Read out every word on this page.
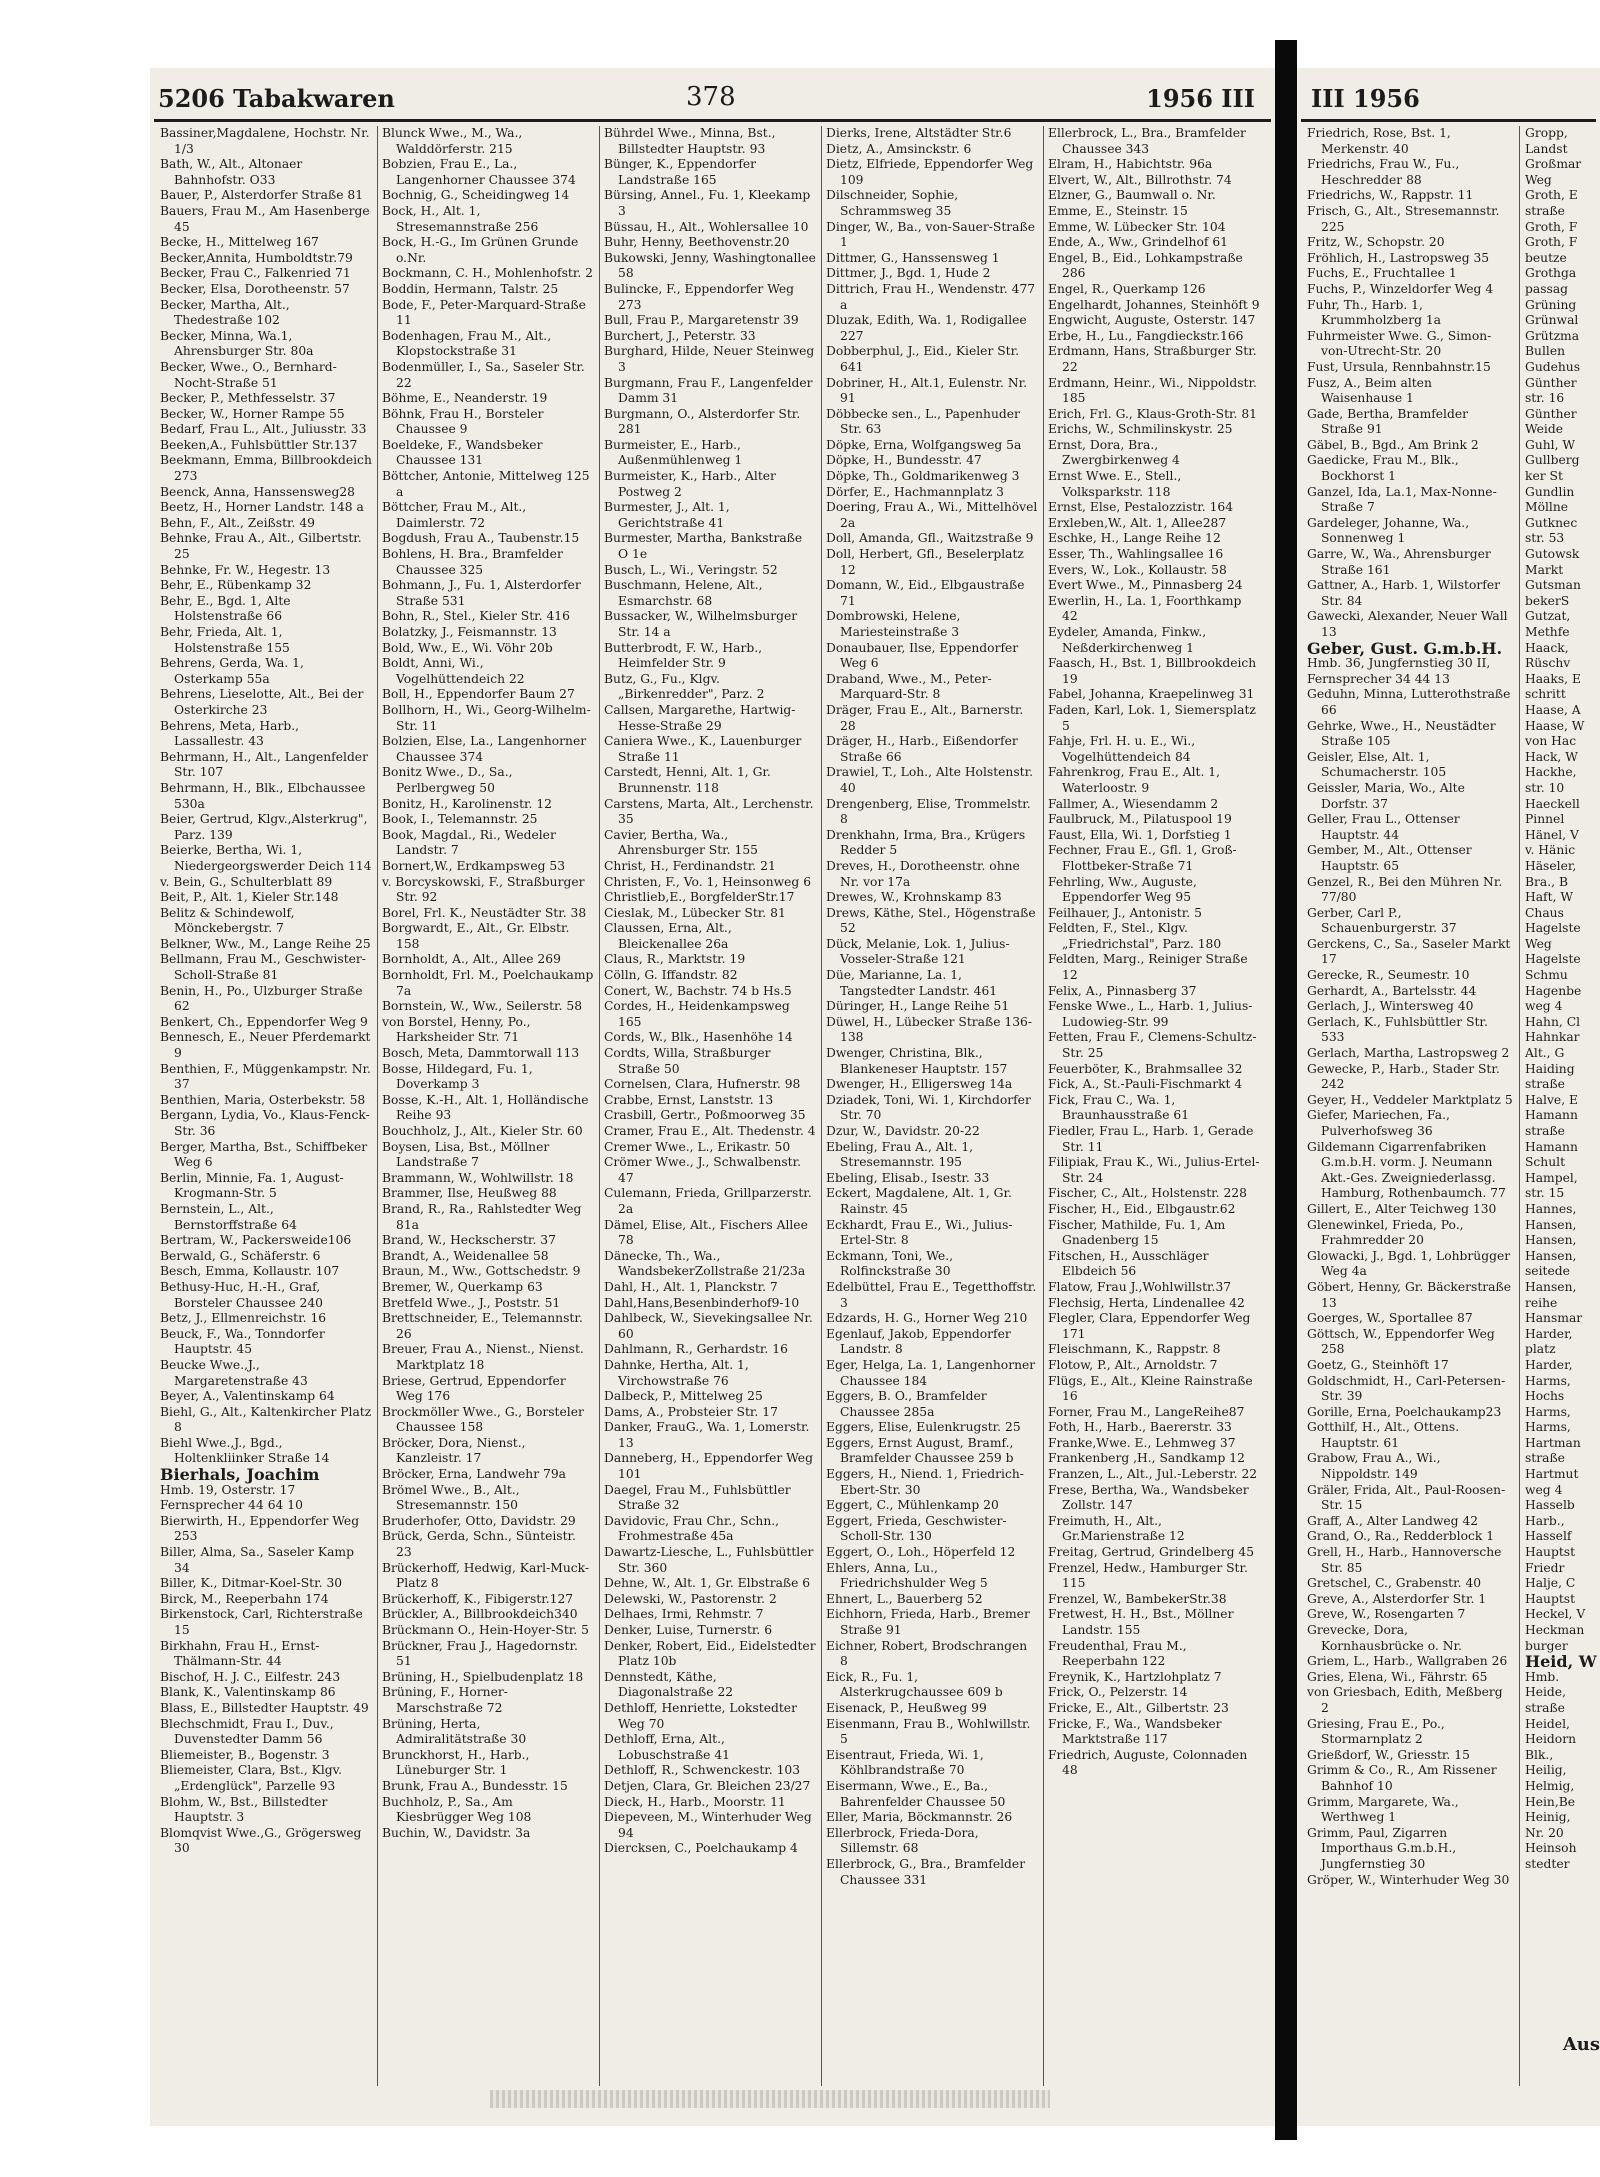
5206 Tabakwaren	378	1956 III

Bassiner,Magdalene, Hochstr. Nr. 1/3

Bath, W., Alt., Altonaer Bahnhofstr. O33

Bauer, P., Alsterdorfer Straße 81

Bauers, Frau M., Am Hasenberge 45

Becke, H., Mittelweg 167

Becker,Annita, Humboldtstr.79

Becker, Frau C., Falkenried 71

Becker, Elsa, Dorotheenstr. 57

Becker, Martha, Alt., Thedestraße 102

Becker, Minna, Wa.1, Ahrensburger Str. 80a

Becker, Wwe., O., Bernhard-Nocht-Straße 51

Becker, P., Methfesselstr. 37

Becker, W., Horner Rampe 55

Bedarf, Frau L., Alt., Juliusstr. 33

Beeken,A., Fuhlsbüttler Str.137

Beekmann, Emma, Billbrookdeich 273

Beenck, Anna, Hanssensweg28

Beetz, H., Horner Landstr. 148 a

Behn, F., Alt., Zeißstr. 49

Behnke, Frau A., Alt., Gilbertstr. 25

Behnke, Fr. W., Hegestr. 13

Behr, E., Rübenkamp 32

Behr, E., Bgd. 1, Alte Holstenstraße 66

Behr, Frieda, Alt. 1, Holstenstraße 155

Behrens, Gerda, Wa. 1, Osterkamp 55a

Behrens, Lieselotte, Alt., Bei der Osterkirche 23

Behrens, Meta, Harb., Lassallestr. 43

Behrmann, H., Alt., Langenfelder Str. 107

Behrmann, H., Blk., Elbchaussee 530a

Beier, Gertrud, Klgv.,Alsterkrug", Parz. 139

Beierke, Bertha, Wi. 1, Niedergeorgswerder Deich 114

v. Bein, G., Schulterblatt 89

Beit, P., Alt. 1, Kieler Str.148

Belitz & Schindewolf, Mönckebergstr. 7

Belkner, Ww., M., Lange Reihe 25

Bellmann, Frau M., Geschwister-Scholl-Straße 81

Benin, H., Po., Ulzburger Straße 62

Benkert, Ch., Eppendorfer Weg 9

Bennesch, E., Neuer Pferdemarkt 9

Benthien, F., Müggenkampstr. Nr. 37

Benthien, Maria, Osterbekstr. 58

Bergann, Lydia, Vo., Klaus-Fenck-Str. 36

Berger, Martha, Bst., Schiffbeker Weg 6

Berlin, Minnie, Fa. 1, August-Krogmann-Str. 5

Bernstein, L., Alt., Bernstorffstraße 64

Bertram, W., Packersweide106

Berwald, G., Schäferstr. 6

Besch, Emma, Kollaustr. 107

Bethusy-Huc, H.-H., Graf, Borsteler Chaussee 240

Betz, J., Ellmenreichstr. 16

Beuck, F., Wa., Tonndorfer Hauptstr. 45

Beucke Wwe.,J., Margaretenstraße 43

Beyer, A., Valentinskamp 64

Biehl, G., Alt., Kaltenkircher Platz 8

Biehl Wwe.,J., Bgd., Holtenkliinker Straße 14

Bierhals, Joachim

Hmb. 19, Osterstr. 17

Fernsprecher 44 64 10

Bierwirth, H., Eppendorfer Weg 253

Biller, Alma, Sa., Saseler Kamp 34

Biller, K., Ditmar-Koel-Str. 30

Birck, M., Reeperbahn 174

Birkenstock, Carl, Richterstraße 15

Birkhahn, Frau H., Ernst-Thälmann-Str. 44

Bischof, H. J. C., Eilfestr. 243

Blank, K., Valentinskamp 86

Blass, E., Billstedter Hauptstr. 49

Blechschmidt, Frau I., Duv., Duvenstedter Damm 56

Bliemeister, B., Bogenstr. 3

Bliemeister, Clara, Bst., Klgv. „Erdenglück", Parzelle 93

Blohm, W., Bst., Billstedter Hauptstr. 3

Blomqvist Wwe.,G., Grögersweg 30

Blunck Wwe., M., Wa., Walddörferstr. 215

Bobzien, Frau E., La., Langenhorner Chaussee 374

Bochnig, G., Scheidingweg 14

Bock, H., Alt. 1, Stresemannstraße 256

Bock, H.-G., Im Grünen Grunde o.Nr.

Bockmann, C. H., Mohlenhofstr. 2

Boddin, Hermann, Talstr. 25

Bode, F., Peter-Marquard-Straße 11

Bodenhagen, Frau M., Alt., Klopstockstraße 31

Bodenmüller, I., Sa., Saseler Str. 22

Böhme, E., Neanderstr. 19

Böhnk, Frau H., Borsteler Chaussee 9

Boeldeke, F., Wandsbeker Chaussee 131

Böttcher, Antonie, Mittelweg 125 a

Böttcher, Frau M., Alt., Daimlerstr. 72

Bogdush, Frau A., Taubenstr.15

Bohlens, H. Bra., Bramfelder Chaussee 325

Bohmann, J., Fu. 1, Alsterdorfer Straße 531

Bohn, R., Stel., Kieler Str. 416

Bolatzky, J., Feismannstr. 13

Bold, Ww., E., Wi. Vöhr 20b

Boldt, Anni, Wi., Vogelhüttendeich 22

Boll, H., Eppendorfer Baum 27

Bollhorn, H., Wi., Georg-Wilhelm-Str. 11

Bolzien, Else, La., Langenhorner Chaussee 374

Bonitz Wwe., D., Sa., Perlbergweg 50

Bonitz, H., Karolinenstr. 12

Book, I., Telemannstr. 25

Book, Magdal., Ri., Wedeler Landstr. 7

Bornert,W., Erdkampsweg 53

v. Borcyskowski, F., Straßburger Str. 92

Borel, Frl. K., Neustädter Str. 38

Borgwardt, E., Alt., Gr. Elbstr. 158

Bornholdt, A., Alt., Allee 269

Bornholdt, Frl. M., Poelchaukamp 7a

Bornstein, W., Ww., Seilerstr. 58

von Borstel, Henny, Po., Harksheider Str. 71

Bosch, Meta, Dammtorwall 113

Bosse, Hildegard, Fu. 1, Doverkamp 3

Bosse, K.-H., Alt. 1, Holländische Reihe 93

Bouchholz, J., Alt., Kieler Str. 60

Boysen, Lisa, Bst., Möllner Landstraße 7

Brammann, W., Wohlwillstr. 18

Brammer, Ilse, Heußweg 88

Brand, R., Ra., Rahlstedter Weg 81a

Brand, W., Heckscherstr. 37

Brandt, A., Weidenallee 58

Braun, M., Ww., Gottschedstr. 9

Bremer, W., Querkamp 63

Bretfeld Wwe., J., Poststr. 51

Brettschneider, E., Telemannstr. 26

Breuer, Frau A., Nienst., Nienst. Marktplatz 18

Briese, Gertrud, Eppendorfer Weg 176

Brockmöller Wwe., G., Borsteler Chaussee 158

Bröcker, Dora, Nienst., Kanzleistr. 17

Bröcker, Erna, Landwehr 79a

Brömel Wwe., B., Alt., Stresemannstr. 150

Bruderhofer, Otto, Davidstr. 29

Brück, Gerda, Schn., Sünteistr. 23

Brückerhoff, Hedwig, Karl-Muck-Platz 8

Brückerhoff, K., Fibigerstr.127

Brückler, A., Billbrookdeich340

Brückmann O., Hein-Hoyer-Str. 5

Brückner, Frau J., Hagedornstr. 51

Brüning, H., Spielbudenplatz 18

Brüning, F., Horner-Marschstraße 72

Brüning, Herta, Admiralitätstraße 30

Brunckhorst, H., Harb., Lüneburger Str. 1

Brunk, Frau A., Bundesstr. 15

Buchholz, P., Sa., Am Kiesbrügger Weg 108

Buchin, W., Davidstr. 3a

Bührdel Wwe., Minna, Bst., Billstedter Hauptstr. 93

Bünger, K., Eppendorfer Landstraße 165

Bürsing, Annel., Fu. 1, Kleekamp 3

Büssau, H., Alt., Wohlersallee 10

Buhr, Henny, Beethovenstr.20

Bukowski, Jenny, Washingtonallee 58

Bulincke, F., Eppendorfer Weg 273

Bull, Frau P., Margaretenstr 39

Burchert, J., Peterstr. 33

Burghard, Hilde, Neuer Steinweg 3

Burgmann, Frau F., Langenfelder Damm 31

Burgmann, O., Alsterdorfer Str. 281

Burmeister, E., Harb., Außenmühlenweg 1

Burmeister, K., Harb., Alter Postweg 2

Burmester, J., Alt. 1, Gerichtstraße 41

Burmester, Martha, Bankstraße O 1e

Busch, L., Wi., Veringstr. 52

Buschmann, Helene, Alt., Esmarchstr. 68

Bussacker, W., Wilhelmsburger Str. 14 a

Butterbrodt, F. W., Harb., Heimfelder Str. 9

Butz, G., Fu., Klgv. „Birkenredder", Parz. 2

Callsen, Margarethe, Hartwig-Hesse-Straße 29

Caniera Wwe., K., Lauenburger Straße 11

Carstedt, Henni, Alt. 1, Gr. Brunnenstr. 118

Carstens, Marta, Alt., Lerchenstr. 35

Cavier, Bertha, Wa., Ahrensburger Str. 155

Christ, H., Ferdinandstr. 21

Christen, F., Vo. 1, Heinsonweg 6

Christlieb,E., BorgfelderStr.17

Cieslak, M., Lübecker Str. 81

Claussen, Erna, Alt., Bleickenallee 26a

Claus, R., Marktstr. 19

Cölln, G. Iffandstr. 82

Conert, W., Bachstr. 74 b Hs.5

Cordes, H., Heidenkampsweg 165

Cords, W., Blk., Hasenhöhe 14

Cordts, Willa, Straßburger Straße 50

Cornelsen, Clara, Hufnerstr. 98

Crabbe, Ernst, Lanststr. 13

Crasbill, Gertr., Poßmoorweg 35

Cramer, Frau E., Alt. Thedenstr. 4

Cremer Wwe., L., Erikastr. 50

Crömer Wwe., J., Schwalbenstr. 47

Culemann, Frieda, Grillparzerstr. 2a

Dämel, Elise, Alt., Fischers Allee 78

Dänecke, Th., Wa., WandsbekerZollstraße 21/23a

Dahl, H., Alt. 1, Planckstr. 7

Dahl,Hans,Besenbinderhof9-10

Dahlbeck, W., Sievekingsallee Nr. 60

Dahlmann, R., Gerhardstr. 16

Dahnke, Hertha, Alt. 1, Virchowstraße 76

Dalbeck, P., Mittelweg 25

Dams, A., Probsteier Str. 17

Danker, FrauG., Wa. 1, Lomerstr. 13

Danneberg, H., Eppendorfer Weg 101

Daegel, Frau M., Fuhlsbüttler Straße 32

Davidovic, Frau Chr., Schn., Frohmestraße 45a

Dawartz-Liesche, L., Fuhlsbüttler Str. 360

Dehne, W., Alt. 1, Gr. Elbstraße 6

Delewski, W., Pastorenstr. 2

Delhaes, Irmi, Rehmstr. 7

Denker, Luise, Turnerstr. 6

Denker, Robert, Eid., Eidelstedter Platz 10b

Dennstedt, Käthe, Diagonalstraße 22

Dethloff, Henriette, Lokstedter Weg 70

Dethloff, Erna, Alt., Lobuschstraße 41

Dethloff, R., Schwenckestr. 103

Detjen, Clara, Gr. Bleichen 23/27

Dieck, H., Harb., Moorstr. 11

Diepeveen, M., Winterhuder Weg 94

Diercksen, C., Poelchaukamp 4

Dierks, Irene, Altstädter Str.6

Dietz, A., Amsinckstr. 6

Dietz, Elfriede, Eppendorfer Weg 109

Dilschneider, Sophie, Schrammsweg 35

Dinger, W., Ba., von-Sauer-Straße 1

Dittmer, G., Hanssensweg 1

Dittmer, J., Bgd. 1, Hude 2

Dittrich, Frau H., Wendenstr. 477 a

Dluzak, Edith, Wa. 1, Rodigallee 227

Dobberphul, J., Eid., Kieler Str. 641

Dobriner, H., Alt.1, Eulenstr. Nr. 91

Döbbecke sen., L., Papenhuder Str. 63

Döpke, Erna, Wolfgangsweg 5a

Döpke, H., Bundesstr. 47

Döpke, Th., Goldmarikenweg 3

Dörfer, E., Hachmannplatz 3

Doering, Frau A., Wi., Mittelhövel 2a

Doll, Amanda, Gfl., Waitzstraße 9

Doll, Herbert, Gfl., Beselerplatz 12

Domann, W., Eid., Elbgaustraße 71

Dombrowski, Helene, Mariesteinstraße 3

Donaubauer, Ilse, Eppendorfer Weg 6

Draband, Wwe., M., Peter-Marquard-Str. 8

Dräger, Frau E., Alt., Barnerstr. 28

Dräger, H., Harb., Eißendorfer Straße 66

Drawiel, T., Loh., Alte Holstenstr. 40

Drengenberg, Elise, Trommelstr. 8

Drenkhahn, Irma, Bra., Krügers Redder 5

Dreves, H., Dorotheenstr. ohne Nr. vor 17a

Drewes, W., Krohnskamp 83

Drews, Käthe, Stel., Högenstraße 52

Dück, Melanie, Lok. 1, Julius-Vosseler-Straße 121

Düe, Marianne, La. 1, Tangstedter Landstr. 461

Düringer, H., Lange Reihe 51

Düwel, H., Lübecker Straße 136-138

Dwenger, Christina, Blk., Blankeneser Hauptstr. 157

Dwenger, H., Elligersweg 14a

Dziadek, Toni, Wi. 1, Kirchdorfer Str. 70

Dzur, W., Davidstr. 20-22

Ebeling, Frau A., Alt. 1, Stresemannstr. 195

Ebeling, Elisab., Isestr. 33

Eckert, Magdalene, Alt. 1, Gr. Rainstr. 45

Eckhardt, Frau E., Wi., Julius-Ertel-Str. 8

Eckmann, Toni, We., Rolfinckstraße 30

Edelbüttel, Frau E., Tegetthoffstr. 3

Edzards, H. G., Horner Weg 210

Egenlauf, Jakob, Eppendorfer Landstr. 8

Eger, Helga, La. 1, Langenhorner Chaussee 184

Eggers, B. O., Bramfelder Chaussee 285a

Eggers, Elise, Eulenkrugstr. 25

Eggers, Ernst August, Bramf., Bramfelder Chaussee 259 b

Eggers, H., Niend. 1, Friedrich-Ebert-Str. 30

Eggert, C., Mühlenkamp 20

Eggert, Frieda, Geschwister-Scholl-Str. 130

Eggert, O., Loh., Höperfeld 12

Ehlers, Anna, Lu., Friedrichshulder Weg 5

Ehnert, L., Bauerberg 52

Eichhorn, Frieda, Harb., Bremer Straße 91

Eichner, Robert, Brodschrangen 8

Eick, R., Fu. 1, Alsterkrugchaussee 609 b

Eisenack, P., Heußweg 99

Eisenmann, Frau B., Wohlwillstr. 5

Eisentraut, Frieda, Wi. 1, Köhlbrandstraße 70

Eisermann, Wwe., E., Ba., Bahrenfelder Chaussee 50

Eller, Maria, Böckmannstr. 26

Ellerbrock, Frieda-Dora, Sillemstr. 68

Ellerbrock, G., Bra., Bramfelder Chaussee 331

Ellerbrock, L., Bra., Bramfelder Chaussee 343

Elram, H., Habichtstr. 96a

Elvert, W., Alt., Billrothstr. 74

Elzner, G., Baumwall o. Nr.

Emme, E., Steinstr. 15

Emme, W. Lübecker Str. 104

Ende, A., Ww., Grindelhof 61

Engel, B., Eid., Lohkampstraße 286

Engel, R., Querkamp 126

Engelhardt, Johannes, Steinhöft 9

Engwicht, Auguste, Osterstr. 147

Erbe, H., Lu., Fangdieckstr.166

Erdmann, Hans, Straßburger Str. 22

Erdmann, Heinr., Wi., Nippoldstr. 185

Erich, Frl. G., Klaus-Groth-Str. 81

Erichs, W., Schmilinskystr. 25

Ernst, Dora, Bra., Zwergbirkenweg 4

Ernst Wwe. E., Stell., Volksparkstr. 118

Ernst, Else, Pestalozzistr. 164

Erxleben,W., Alt. 1, Allee287

Eschke, H., Lange Reihe 12

Esser, Th., Wahlingsallee 16

Evers, W., Lok., Kollaustr. 58

Evert Wwe., M., Pinnasberg 24

Ewerlin, H., La. 1, Foorthkamp 42

Eydeler, Amanda, Finkw., Neßderkirchenweg 1

Faasch, H., Bst. 1, Billbrookdeich 19

Fabel, Johanna, Kraepelinweg 31

Faden, Karl, Lok. 1, Siemersplatz 5

Fahje, Frl. H. u. E., Wi., Vogelhüttendeich 84

Fahrenkrog, Frau E., Alt. 1, Waterloostr. 9

Fallmer, A., Wiesendamm 2

Faulbruck, M., Pilatuspool 19

Faust, Ella, Wi. 1, Dorfstieg 1

Fechner, Frau E., Gfl. 1, Groß-Flottbeker-Straße 71

Fehrling, Ww., Auguste, Eppendorfer Weg 95

Feilhauer, J., Antonistr. 5

Feldten, F., Stel., Klgv. „Friedrichstal", Parz. 180

Feldten, Marg., Reiniger Straße 12

Felix, A., Pinnasberg 37

Fenske Wwe., L., Harb. 1, Julius-Ludowieg-Str. 99

Fetten, Frau F., Clemens-Schultz-Str. 25

Feuerböter, K., Brahmsallee 32

Fick, A., St.-Pauli-Fischmarkt 4

Fick, Frau C., Wa. 1, Braunhausstraße 61

Fiedler, Frau L., Harb. 1, Gerade Str. 11

Filipiak, Frau K., Wi., Julius-Ertel-Str. 24

Fischer, C., Alt., Holstenstr. 228

Fischer, H., Eid., Elbgaustr.62

Fischer, Mathilde, Fu. 1, Am Gnadenberg 15

Fitschen, H., Ausschläger Elbdeich 56

Flatow, Frau J.,Wohlwillstr.37

Flechsig, Herta, Lindenallee 42

Flegler, Clara, Eppendorfer Weg 171

Fleischmann, K., Rappstr. 8

Flotow, P., Alt., Arnoldstr. 7

Flügs, E., Alt., Kleine Rainstraße 16

Forner, Frau M., LangeReihe87

Foth, H., Harb., Baererstr. 33

Franke,Wwe. E., Lehmweg 37

Frankenberg ,H., Sandkamp 12

Franzen, L., Alt., Jul.-Leberstr. 22

Frese, Bertha, Wa., Wandsbeker Zollstr. 147

Freimuth, H., Alt., Gr.Marienstraße 12

Freitag, Gertrud, Grindelberg 45

Frenzel, Hedw., Hamburger Str. 115

Frenzel, W., BambekerStr.38

Fretwest, H. H., Bst., Möllner Landstr. 155

Freudenthal, Frau M., Reeperbahn 122

Freynik, K., Hartzlohplatz 7

Frick, O., Pelzerstr. 14

Fricke, E., Alt., Gilbertstr. 23

Fricke, F., Wa., Wandsbeker Marktstraße 117

Friedrich, Auguste, Colonnaden 48

III 1956

Friedrich, Rose, Bst. 1, Merkenstr. 40

Friedrichs, Frau W., Fu., Heschredder 88

Friedrichs, W., Rappstr. 11

Frisch, G., Alt., Stresemannstr. 225

Fritz, W., Schopstr. 20

Fröhlich, H., Lastropsweg 35

Fuchs, E., Fruchtallee 1

Fuchs, P., Winzeldorfer Weg 4

Fuhr, Th., Harb. 1, Krummholzberg 1a

Fuhrmeister Wwe. G., Simon-von-Utrecht-Str. 20

Fust, Ursula, Rennbahnstr.15

Fusz, A., Beim alten Waisenhause 1

Gade, Bertha, Bramfelder Straße 91

Gäbel, B., Bgd., Am Brink 2

Gaedicke, Frau M., Blk., Bockhorst 1

Ganzel, Ida, La.1, Max-Nonne-Straße 7

Gardeleger, Johanne, Wa., Sonnenweg 1

Garre, W., Wa., Ahrensburger Straße 161

Gattner, A., Harb. 1, Wilstorfer Str. 84

Gawecki, Alexander, Neuer Wall 13

Geber, Gust. G.m.b.H.

Hmb. 36, Jungfernstieg 30 II,

Fernsprecher 34 44 13

Geduhn, Minna, Lutterothstraße 66

Gehrke, Wwe., H., Neustädter Straße 105

Geisler, Else, Alt. 1, Schumacherstr. 105

Geissler, Maria, Wo., Alte Dorfstr. 37

Geller, Frau L., Ottenser Hauptstr. 44

Gember, M., Alt., Ottenser Hauptstr. 65

Genzel, R., Bei den Mühren Nr. 77/80

Gerber, Carl P., Schauenburgerstr. 37

Gerckens, C., Sa., Saseler Markt 17

Gerecke, R., Seumestr. 10

Gerhardt, A., Bartelsstr. 44

Gerlach, J., Wintersweg 40

Gerlach, K., Fuhlsbüttler Str. 533

Gerlach, Martha, Lastropsweg 2

Gewecke, P., Harb., Stader Str. 242

Geyer, H., Veddeler Marktplatz 5

Giefer, Mariechen, Fa., Pulverhofsweg 36

Gildemann Cigarrenfabriken G.m.b.H. vorm. J. Neumann Akt.-Ges. Zweigniederlassg. Hamburg, Rothenbaumch. 77

Gillert, E., Alter Teichweg 130

Glenewinkel, Frieda, Po., Frahmredder 20

Glowacki, J., Bgd. 1, Lohbrügger Weg 4a

Göbert, Henny, Gr. Bäckerstraße 13

Goerges, W., Sportallee 87

Göttsch, W., Eppendorfer Weg 258

Goetz, G., Steinhöft 17

Goldschmidt, H., Carl-Petersen-Str. 39

Gorille, Erna, Poelchaukamp23

Gotthilf, H., Alt., Ottens. Hauptstr. 61

Grabow, Frau A., Wi., Nippoldstr. 149

Gräler, Frida, Alt., Paul-Roosen-Str. 15

Graff, A., Alter Landweg 42

Grand, O., Ra., Redderblock 1

Grell, H., Harb., Hannoversche Str. 85

Gretschel, C., Grabenstr. 40

Greve, A., Alsterdorfer Str. 1

Greve, W., Rosengarten 7

Grevecke, Dora, Kornhausbrücke o. Nr.

Griem, L., Harb., Wallgraben 26

Gries, Elena, Wi., Fährstr. 65

von Griesbach, Edith, Meßberg 2

Griesing, Frau E., Po., Stormarnplatz 2

Grießdorf, W., Griesstr. 15

Grimm & Co., R., Am Rissener Bahnhof 10

Grimm, Margarete, Wa., Werthweg 1

Grimm, Paul, Zigarren Importhaus G.m.b.H., Jungfernstieg 30

Gröper, W., Winterhuder Weg 30

Gropp,

Landst

Großmar

Weg

Groth, E

straße

Groth, F

Groth, F

beutze

Grothga

passag

Grüning

Grünwal

Grützma

Bullen

Gudehus

Günther

str. 16

Günther

Weide

Guhl, W

Gullberg

ker St

Gundlin

Möllne

Gutknec

str. 53

Gutowsk

Markt

Gutsman

bekerS

Gutzat,

Methfe

Haack,

Rüschv

Haaks, E

schritt

Haase, A

Haase, W

von Hac

Hack, W

Hackhe,

str. 10

Haeckell

Pinnel

Hänel, V

v. Hänic

Häseler,

Bra., B

Haft, W

Chaus

Hagelste

Weg

Hagelste

Schmu

Hagenbe

weg 4

Hahn, Cl

Hahnkar

Alt., G

Haiding

straße

Halve, E

Hamann

straße

Hamann

Schult

Hampel,

str. 15

Hannes,

Hansen,

Hansen,

Hansen,

seitede

Hansen,

reihe

Hansmar

Harder,

platz

Harder,

Harms,

Hochs

Harms,

Harms,

Hartman

straße

Hartmut

weg 4

Hasselb

Harb.,

Hasself

Hauptst

Friedr

Halje, C

Hauptst

Heckel, V

Heckman

burger

Heid, W

Hmb.

Heide,

straße

Heidel,

Heidorn

Blk.,

Heilig,

Helmig,

Hein,Be

Heinig,

Nr. 20

Heinsoh

stedter

Aus
